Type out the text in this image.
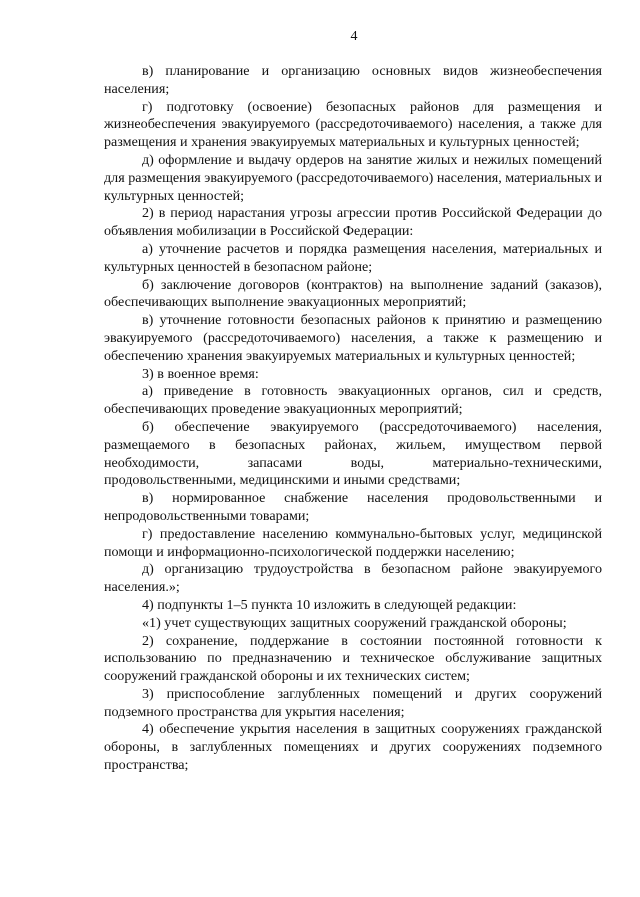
4

в) планирование и организацию основных видов жизнеобеспечения населения;

г) подготовку (освоение) безопасных районов для размещения и жизнеобеспечения эвакуируемого (рассредоточиваемого) населения, а также для размещения и хранения эвакуируемых материальных и культурных ценностей;

д) оформление и выдачу ордеров на занятие жилых и нежилых помещений для размещения эвакуируемого (рассредоточиваемого) населения, материальных и культурных ценностей;

2) в период нарастания угрозы агрессии против Российской Федерации до объявления мобилизации в Российской Федерации:

а) уточнение расчетов и порядка размещения населения, материальных и культурных ценностей в безопасном районе;

б) заключение договоров (контрактов) на выполнение заданий (заказов), обеспечивающих выполнение эвакуационных мероприятий;

в) уточнение готовности безопасных районов к принятию и размещению эвакуируемого (рассредоточиваемого) населения, а также к размещению и обеспечению хранения эвакуируемых материальных и культурных ценностей;

3) в военное время:

а) приведение в готовность эвакуационных органов, сил и средств, обеспечивающих проведение эвакуационных мероприятий;

б) обеспечение эвакуируемого (рассредоточиваемого) населения, размещаемого в безопасных районах, жильем, имуществом первой необходимости, запасами воды, материально-техническими, продовольственными, медицинскими и иными средствами;

в) нормированное снабжение населения продовольственными и непродовольственными товарами;

г) предоставление населению коммунально-бытовых услуг, медицинской помощи и информационно-психологической поддержки населению;

д) организацию трудоустройства в безопасном районе эвакуируемого населения.»;

4) подпункты 1–5 пункта 10 изложить в следующей редакции:

«1) учет существующих защитных сооружений гражданской обороны;

2) сохранение, поддержание в состоянии постоянной готовности к использованию по предназначению и техническое обслуживание защитных сооружений гражданской обороны и их технических систем;

3) приспособление заглубленных помещений и других сооружений подземного пространства для укрытия населения;

4) обеспечение укрытия населения в защитных сооружениях гражданской обороны, в заглубленных помещениях и других сооружениях подземного пространства;
